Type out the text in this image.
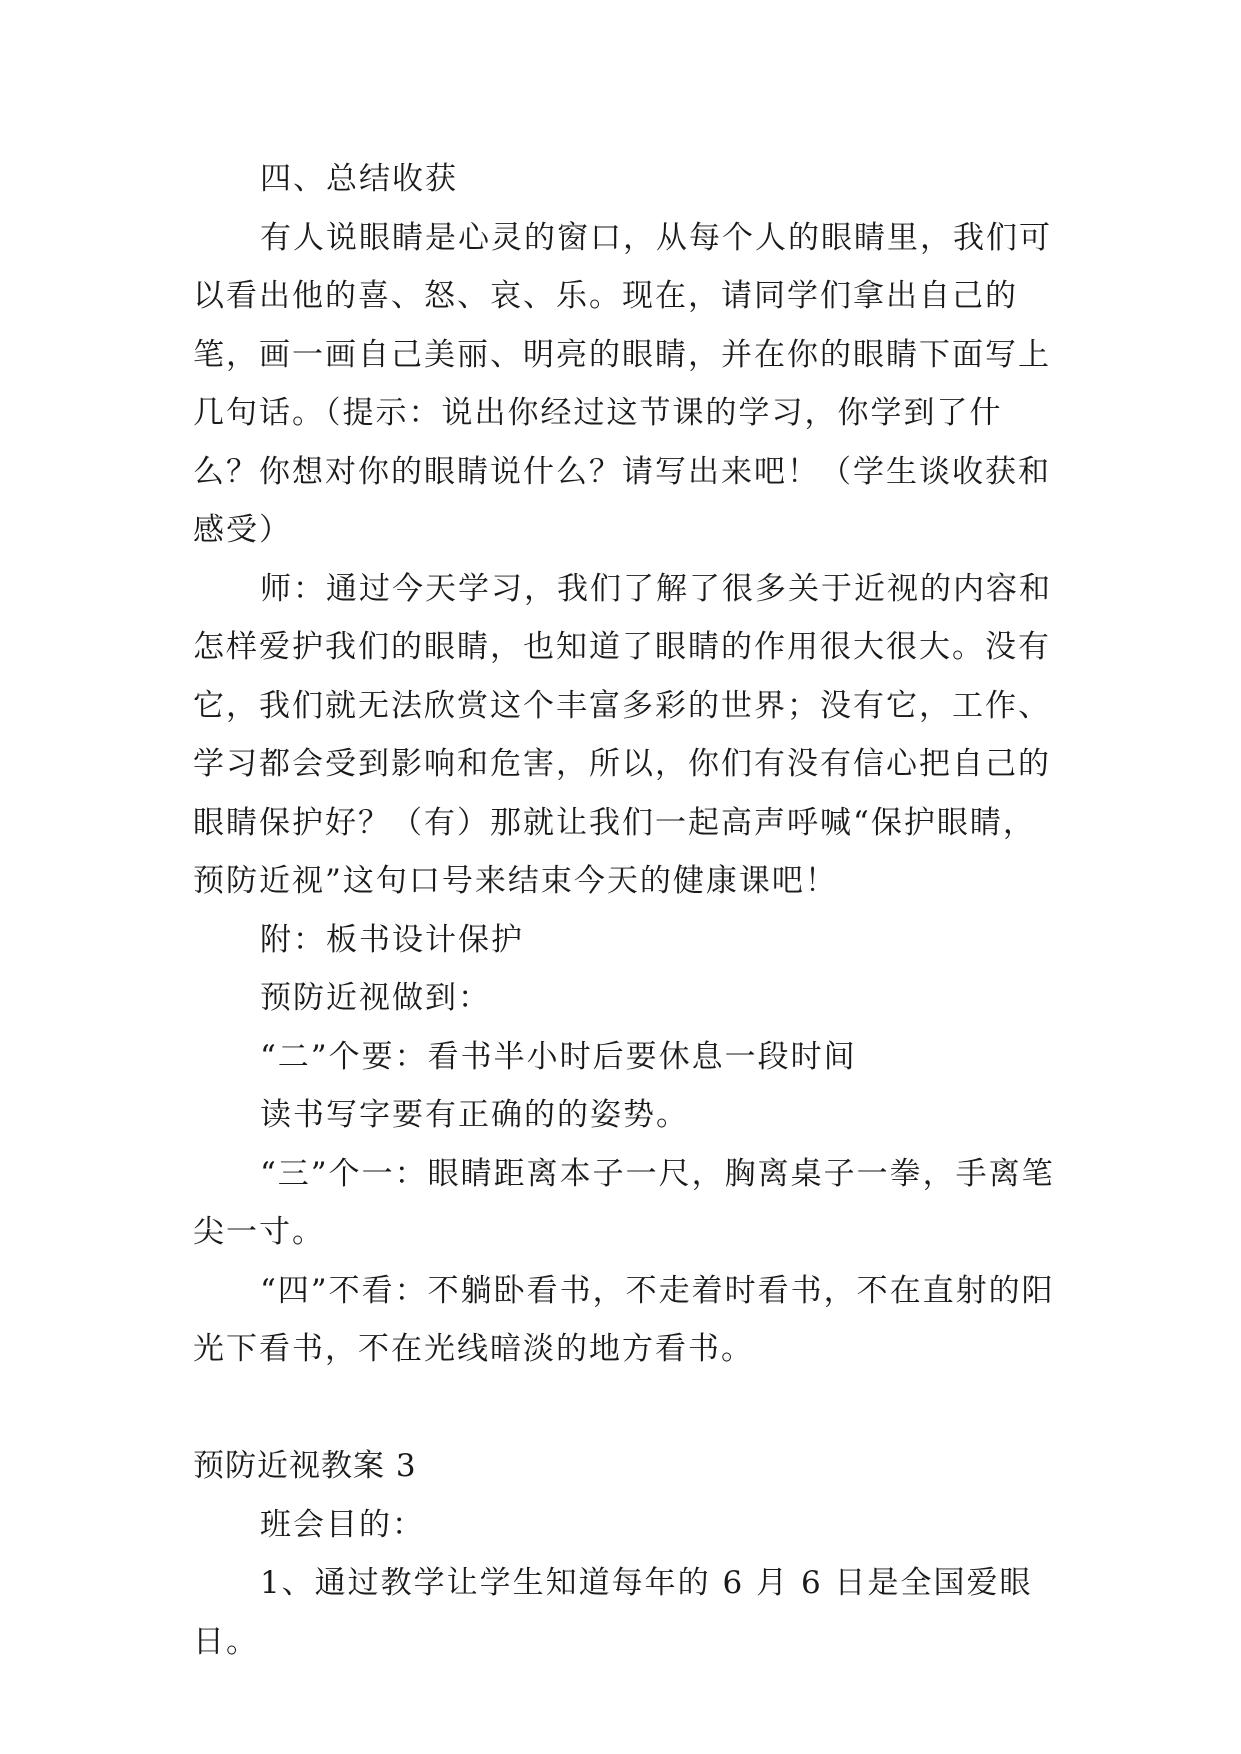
四、总结收获

有人说眼睛是心灵的窗口，从每个人的眼睛里，我们可以看出他的喜、怒、哀、乐。现在，请同学们拿出自己的笔，画一画自己美丽、明亮的眼睛，并在你的眼睛下面写上几句话。（提示：说出你经过这节课的学习，你学到了什么？你想对你的眼睛说什么？请写出来吧！（学生谈收获和感受）

师：通过今天学习，我们了解了很多关于近视的内容和怎样爱护我们的眼睛，也知道了眼睛的作用很大很大。没有它，我们就无法欣赏这个丰富多彩的世界；没有它，工作、学习都会受到影响和危害，所以，你们有没有信心把自己的眼睛保护好？（有）那就让我们一起高声呼喊“保护眼睛，预防近视”这句口号来结束今天的健康课吧！

附：板书设计保护

预防近视做到：

“二”个要：看书半小时后要休息一段时间

读书写字要有正确的的姿势。

“三”个一：眼睛距离本子一尺，胸离桌子一拳，手离笔尖一寸。

“四”不看：不躺卧看书，不走着时看书，不在直射的阳光下看书，不在光线暗淡的地方看书。

预防近视教案 3

班会目的：

1、通过教学让学生知道每年的 6 月 6 日是全国爱眼日。
